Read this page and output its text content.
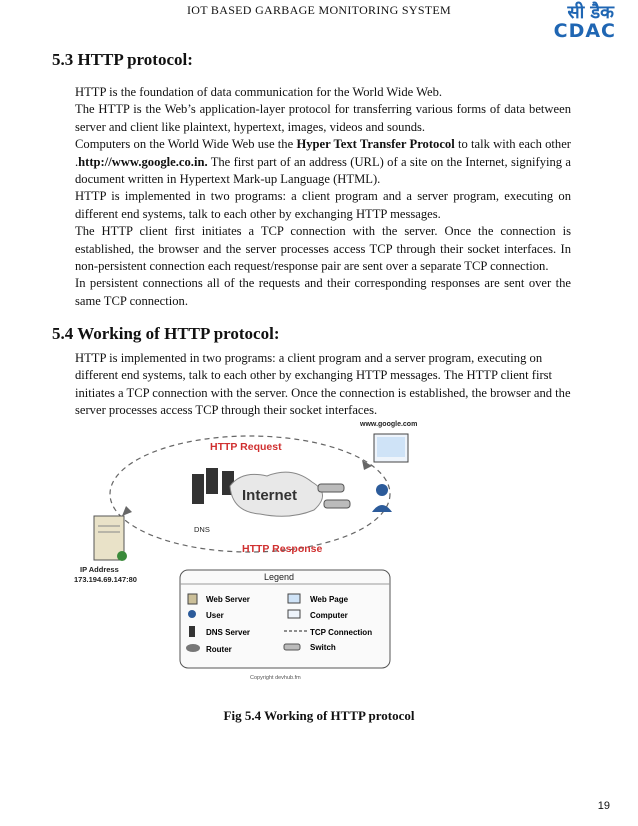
IOT BASED GARBAGE MONITORING SYSTEM	सी डैक
CDAC
5.3 HTTP protocol:

HTTP is the foundation of data communication for the World Wide Web.

The HTTP is the Web’s application-layer protocol for transferring various forms of data between server and client like plaintext, hypertext, images, videos and sounds.

Computers on the World Wide Web use the Hyper Text Transfer Protocol to talk with each other .http://www.google.co.in. The first part of an address (URL) of a site on the Internet, signifying a document written in Hypertext Mark-up Language (HTML).

HTTP is implemented in two programs: a client program and a server program, executing on different end systems, talk to each other by exchanging HTTP messages.

The HTTP client first initiates a TCP connection with the server. Once the connection is established, the browser and the server processes access TCP through their socket interfaces. In non-persistent connection each request/response pair are sent over a separate TCP connection.

In persistent connections all of the requests and their corresponding responses are sent over the same TCP connection.

5.4 Working of HTTP protocol:

HTTP is implemented in two programs: a client program and a server program, executing on different end systems, talk to each other by exchanging HTTP messages. The HTTP client first initiates a TCP connection with the server. Once the connection is established, the browser and the server processes access TCP through their socket interfaces.

HTTP Request
HTTP Response
www.google.com
DNS
Internet
IP Address
173.194.69.147:80	Legend
Web Server	Web Page
User	Computer
DNS Server	TCP Connection
Router	Switch
Copyright devhub.fm
Fig 5.4 Working of HTTP protocol
19
